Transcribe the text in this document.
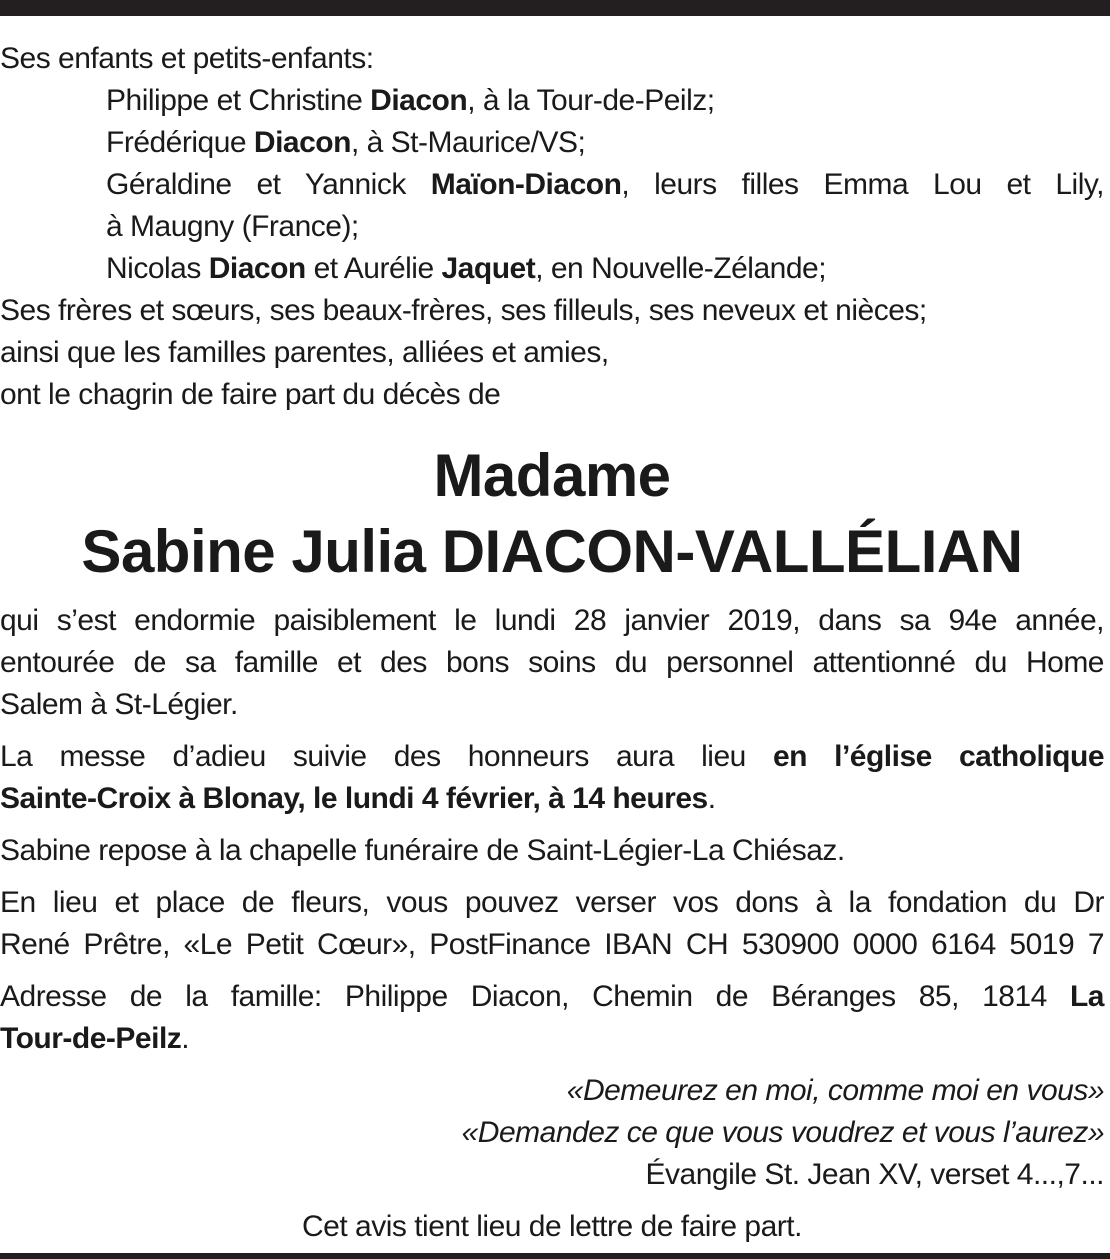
Ses enfants et petits-enfants:

Philippe et Christine Diacon, à la Tour-de-Peilz;

Frédérique Diacon, à St-Maurice/VS;

Géraldine et Yannick Maïon-Diacon, leurs filles Emma Lou et Lily,

à Maugny (France);

Nicolas Diacon et Aurélie Jaquet, en Nouvelle-Zélande;

Ses frères et sœurs, ses beaux-frères, ses filleuls, ses neveux et nièces;

ainsi que les familles parentes, alliées et amies,

ont le chagrin de faire part du décès de

Madame
Sabine Julia DIACON-VALLÉLIAN

qui s’est endormie paisiblement le lundi 28 janvier 2019, dans sa 94e année,

entourée de sa famille et des bons soins du personnel attentionné du Home

Salem à St-Légier.

La messe d’adieu suivie des honneurs aura lieu en l’église catholique

Sainte-Croix à Blonay, le lundi 4 février, à 14 heures.

Sabine repose à la chapelle funéraire de Saint-Légier-La Chiésaz.

En lieu et place de fleurs, vous pouvez verser vos dons à la fondation du Dr

René Prêtre, «Le Petit Cœur», PostFinance IBAN CH 530900 0000 6164 5019 7

Adresse de la famille: Philippe Diacon, Chemin de Béranges 85, 1814 La

Tour-de-Peilz.

«Demeurez en moi, comme moi en vous»

«Demandez ce que vous voudrez et vous l’aurez»

Évangile St. Jean XV, verset 4...,7...

Cet avis tient lieu de lettre de faire part.
